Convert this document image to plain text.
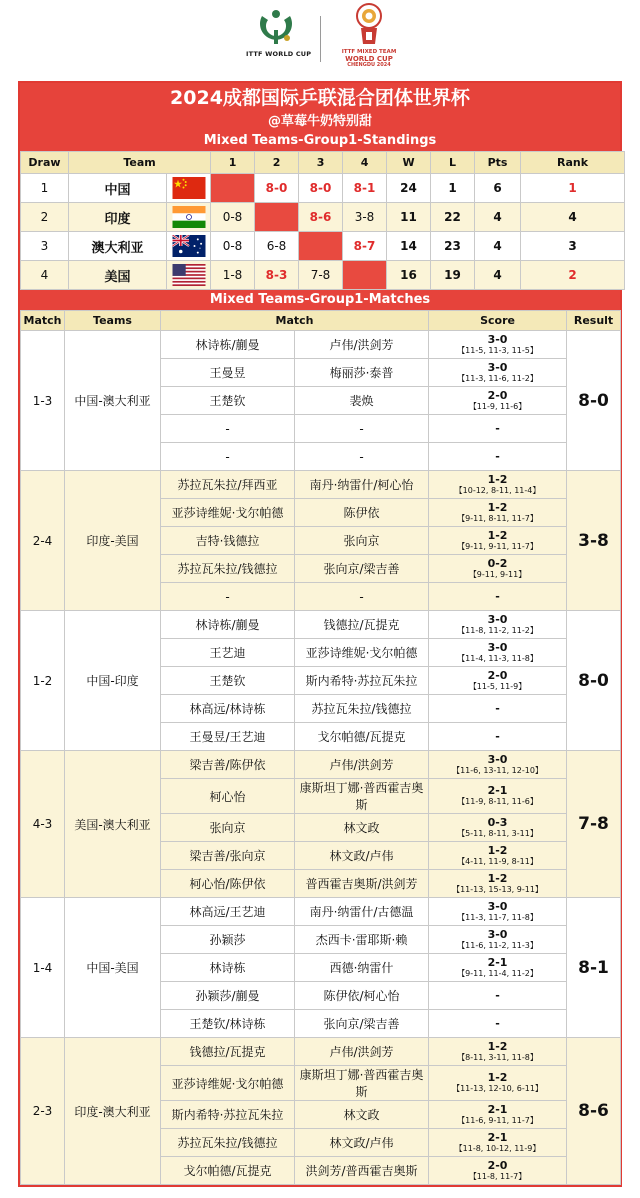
ITTF WORLD CUP	ITTF MIXED TEAM
WORLD CUP
CHENGDU 2024
2024成都国际乒联混合团体世界杯
@草莓牛奶特别甜
Mixed Teams-Group1-Standings
Draw	Team		1	2	3	4	W	L	Pts	Rank
1	中国			8-0	8-0	8-1	24	1	6	1
2	印度		0-8		8-6	3-8	11	22	4	4
3	澳大利亚		0-8	6-8		8-7	14	23	4	3
4	美国		1-8	8-3	7-8		16	19	4	2
Mixed Teams-Group1-Matches
Match	Teams	Match		Score	Result
1-3	中国-澳大利亚	林诗栋/蒯曼	卢伟/洪剑芳	3-0
【11-5, 11-3, 11-5】	8-0
		王曼昱	梅丽莎·泰普	3-0
【11-3, 11-6, 11-2】	

		王楚钦	裴焕	2-0
【11-9, 11-6】	

		-	-	-	

		-	-	-	

2-4	印度-美国	苏拉瓦朱拉/拜西亚	南丹·纳雷什/柯心怡	1-2
【10-12, 8-11, 11-4】	3-8
		亚莎诗维妮·戈尔帕德	陈伊依	1-2
【9-11, 8-11, 11-7】	

		吉特·钱德拉	张向京	1-2
【9-11, 9-11, 11-7】	

		苏拉瓦朱拉/钱德拉	张向京/梁吉善	0-2
【9-11, 9-11】	

		-	-	-	

1-2	中国-印度	林诗栋/蒯曼	钱德拉/瓦提克	3-0
【11-8, 11-2, 11-2】	8-0
		王艺迪	亚莎诗维妮·戈尔帕德	3-0
【11-4, 11-3, 11-8】	

		王楚钦	斯内希特·苏拉瓦朱拉	2-0
【11-5, 11-9】	

		林高远/林诗栋	苏拉瓦朱拉/钱德拉	-	

		王曼昱/王艺迪	戈尔帕德/瓦提克	-	

4-3	美国-澳大利亚	梁吉善/陈伊依	卢伟/洪剑芳	3-0
【11-6, 13-11, 12-10】	7-8
		柯心怡	康斯坦丁娜·普西霍吉奥斯	2-1
【11-9, 8-11, 11-6】	

		张向京	林文政	0-3
【5-11, 8-11, 3-11】	

		梁吉善/张向京	林文政/卢伟	1-2
【4-11, 11-9, 8-11】	

		柯心怡/陈伊依	普西霍吉奥斯/洪剑芳	1-2
【11-13, 15-13, 9-11】	

1-4	中国-美国	林高远/王艺迪	南丹·纳雷什/古德温	3-0
【11-3, 11-7, 11-8】	8-1
		孙颖莎	杰西卡·雷耶斯·赖	3-0
【11-6, 11-2, 11-3】	

		林诗栋	西德·纳雷什	2-1
【9-11, 11-4, 11-2】	

		孙颖莎/蒯曼	陈伊依/柯心怡	-	

		王楚钦/林诗栋	张向京/梁吉善	-	

2-3	印度-澳大利亚	钱德拉/瓦提克	卢伟/洪剑芳	1-2
【8-11, 3-11, 11-8】	8-6
		亚莎诗维妮·戈尔帕德	康斯坦丁娜·普西霍吉奥斯	1-2
【11-13, 12-10, 6-11】	

		斯内希特·苏拉瓦朱拉	林文政	2-1
【11-6, 9-11, 11-7】	

		苏拉瓦朱拉/钱德拉	林文政/卢伟	2-1
【11-8, 10-12, 11-9】	

		戈尔帕德/瓦提克	洪剑芳/普西霍吉奥斯	2-0
【11-8, 11-7】	
